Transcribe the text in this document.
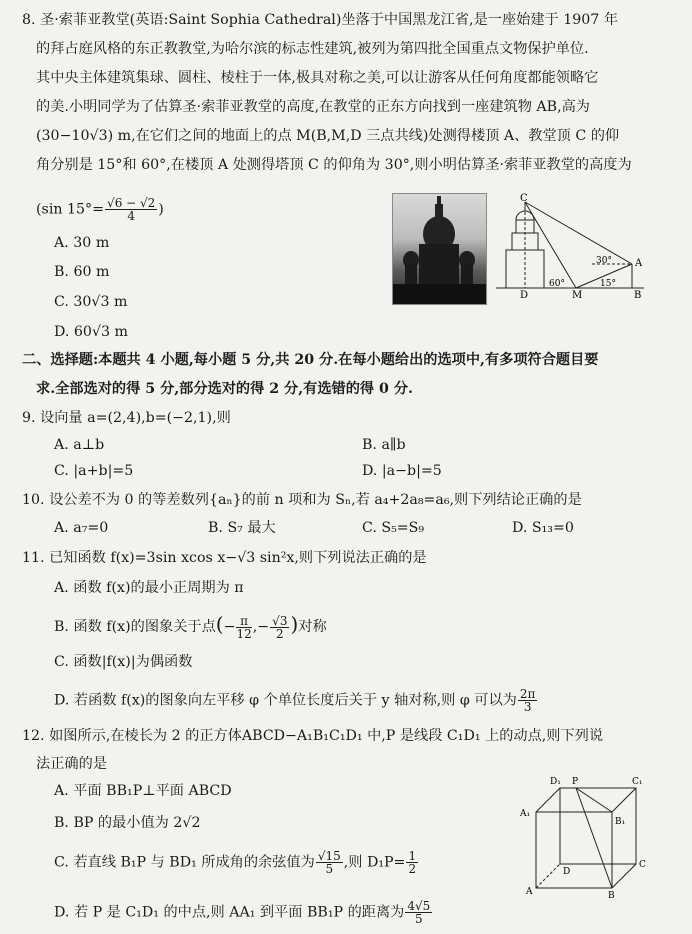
8. 圣·索菲亚教堂(英语:Saint Sophia Cathedral)坐落于中国黑龙江省,是一座始建于 1907 年
的拜占庭风格的东正教教堂,为哈尔滨的标志性建筑,被列为第四批全国重点文物保护单位.
其中央主体建筑集球、圆柱、棱柱于一体,极具对称之美,可以让游客从任何角度都能领略它
的美.小明同学为了估算圣·索菲亚教堂的高度,在教堂的正东方向找到一座建筑物 AB,高为
(30−10√3) m,在它们之间的地面上的点 M(B,M,D 三点共线)处测得楼顶 A、教堂顶 C 的仰
角分别是 15°和 60°,在楼顶 A 处测得塔顶 C 的仰角为 30°,则小明估算圣·索菲亚教堂的高度为
(sin $15^\circ= \frac{√6 - √2}{4}$ )
A. 30 m
B. 60 m
C. 30√3 m
D. 60√3 m
C
A
B
D	M
60°
30°
15°
二、选择题:本题共 4 小题,每小题 5 分,共 20 分.在每小题给出的选项中,有多项符合题目要
求.全部选对的得 5 分,部分选对的得 2 分,有选错的得 0 分.
9. 设向量 a=(2,4),b=(−2,1),则
A. a⊥b	B. a∥b
C. |a+b|=5	D. |a−b|=5
10. 设公差不为 0 的等差数列{aₙ}的前 n 项和为 Sₙ,若 a₄+2a₈=a₆,则下列结论正确的是
A. a₇=0	B. S₇ 最大	C. S₅=S₉	D. S₁₃=0
11. 已知函数 f(x)=3sin xcos x−√3 sin²x,则下列说法正确的是
A. 函数 f(x)的最小正周期为 π
B. 函数 f(x)的图象关于点(− $\frac{\pi}{12}$ ,− $\frac{√3}{2}$ )对称
C. 函数|f(x)|为偶函数
D. 若函数 f(x)的图象向左平移 φ 个单位长度后关于 y 轴对称,则 φ 可以为 $\frac{2\pi}{3}$
12. 如图所示,在棱长为 2 的正方体ABCD−A₁B₁C₁D₁ 中,P 是线段 C₁D₁ 上的动点,则下列说
法正确的是
A. 平面 BB₁P⊥平面 ABCD
B. BP 的最小值为 2√2
C. 若直线 B₁P 与 BD₁ 所成角的余弦值为 $\frac{√15}{5}$ ,则 $D_1P= \frac{1}{2}$
D. 若 P 是 C₁D₁ 的中点,则 AA₁ 到平面 BB₁P 的距离为 $\frac{4√5}{5}$
D₁ P	C₁
A₁
B₁
D
C
A	B
